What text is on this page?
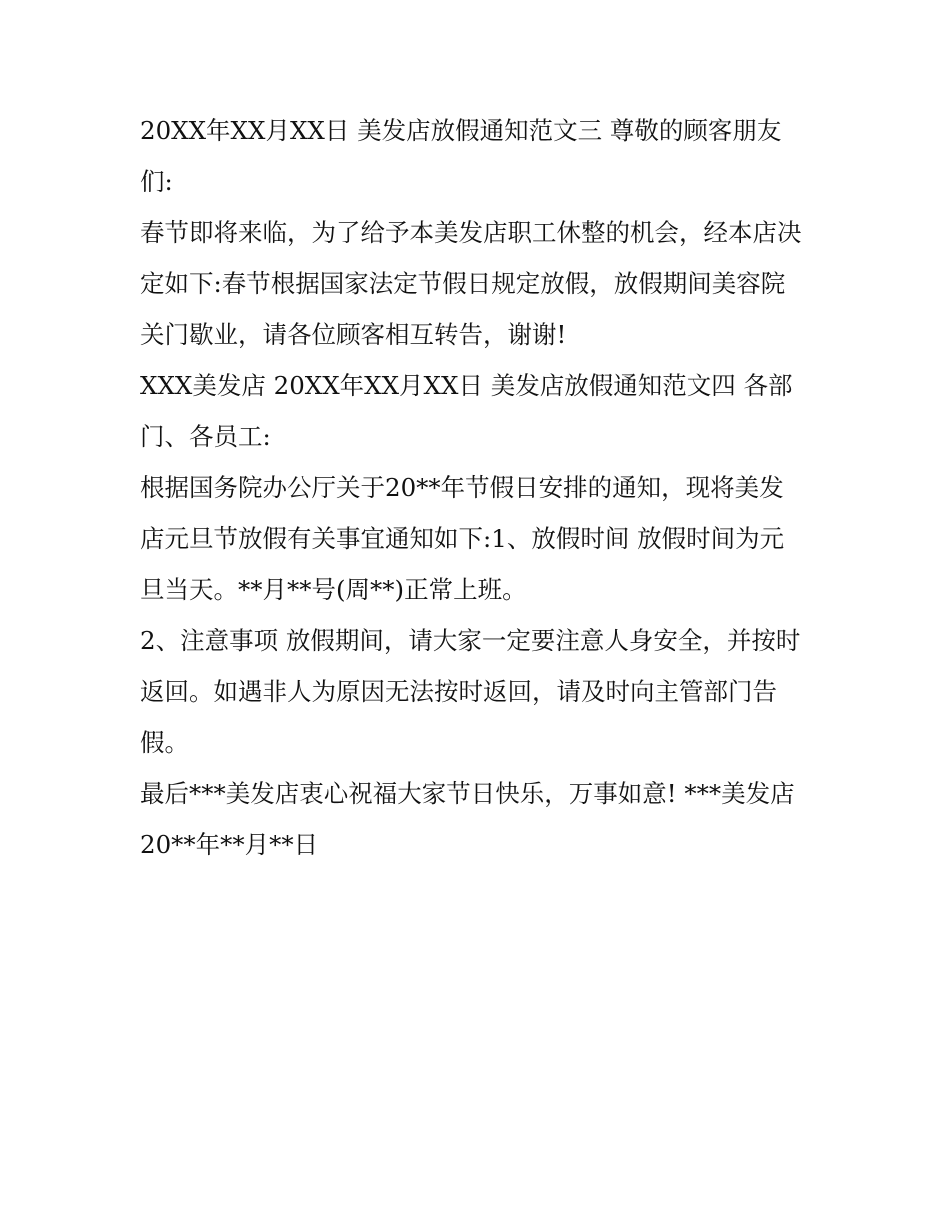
20XX年XX月XX日 美发店放假通知范文三 尊敬的顾客朋友
们:
春节即将来临，为了给予本美发店职工休整的机会，经本店决
定如下:春节根据国家法定节假日规定放假，放假期间美容院
关门歇业，请各位顾客相互转告，谢谢!
XXX美发店 20XX年XX月XX日 美发店放假通知范文四 各部
门、各员工:
根据国务院办公厅关于20**年节假日安排的通知，现将美发
店元旦节放假有关事宜通知如下:1、放假时间 放假时间为元
旦当天。**月**号(周**)正常上班。
2、注意事项 放假期间，请大家一定要注意人身安全，并按时
返回。如遇非人为原因无法按时返回，请及时向主管部门告
假。
最后***美发店衷心祝福大家节日快乐，万事如意! ***美发店
20**年**月**日
